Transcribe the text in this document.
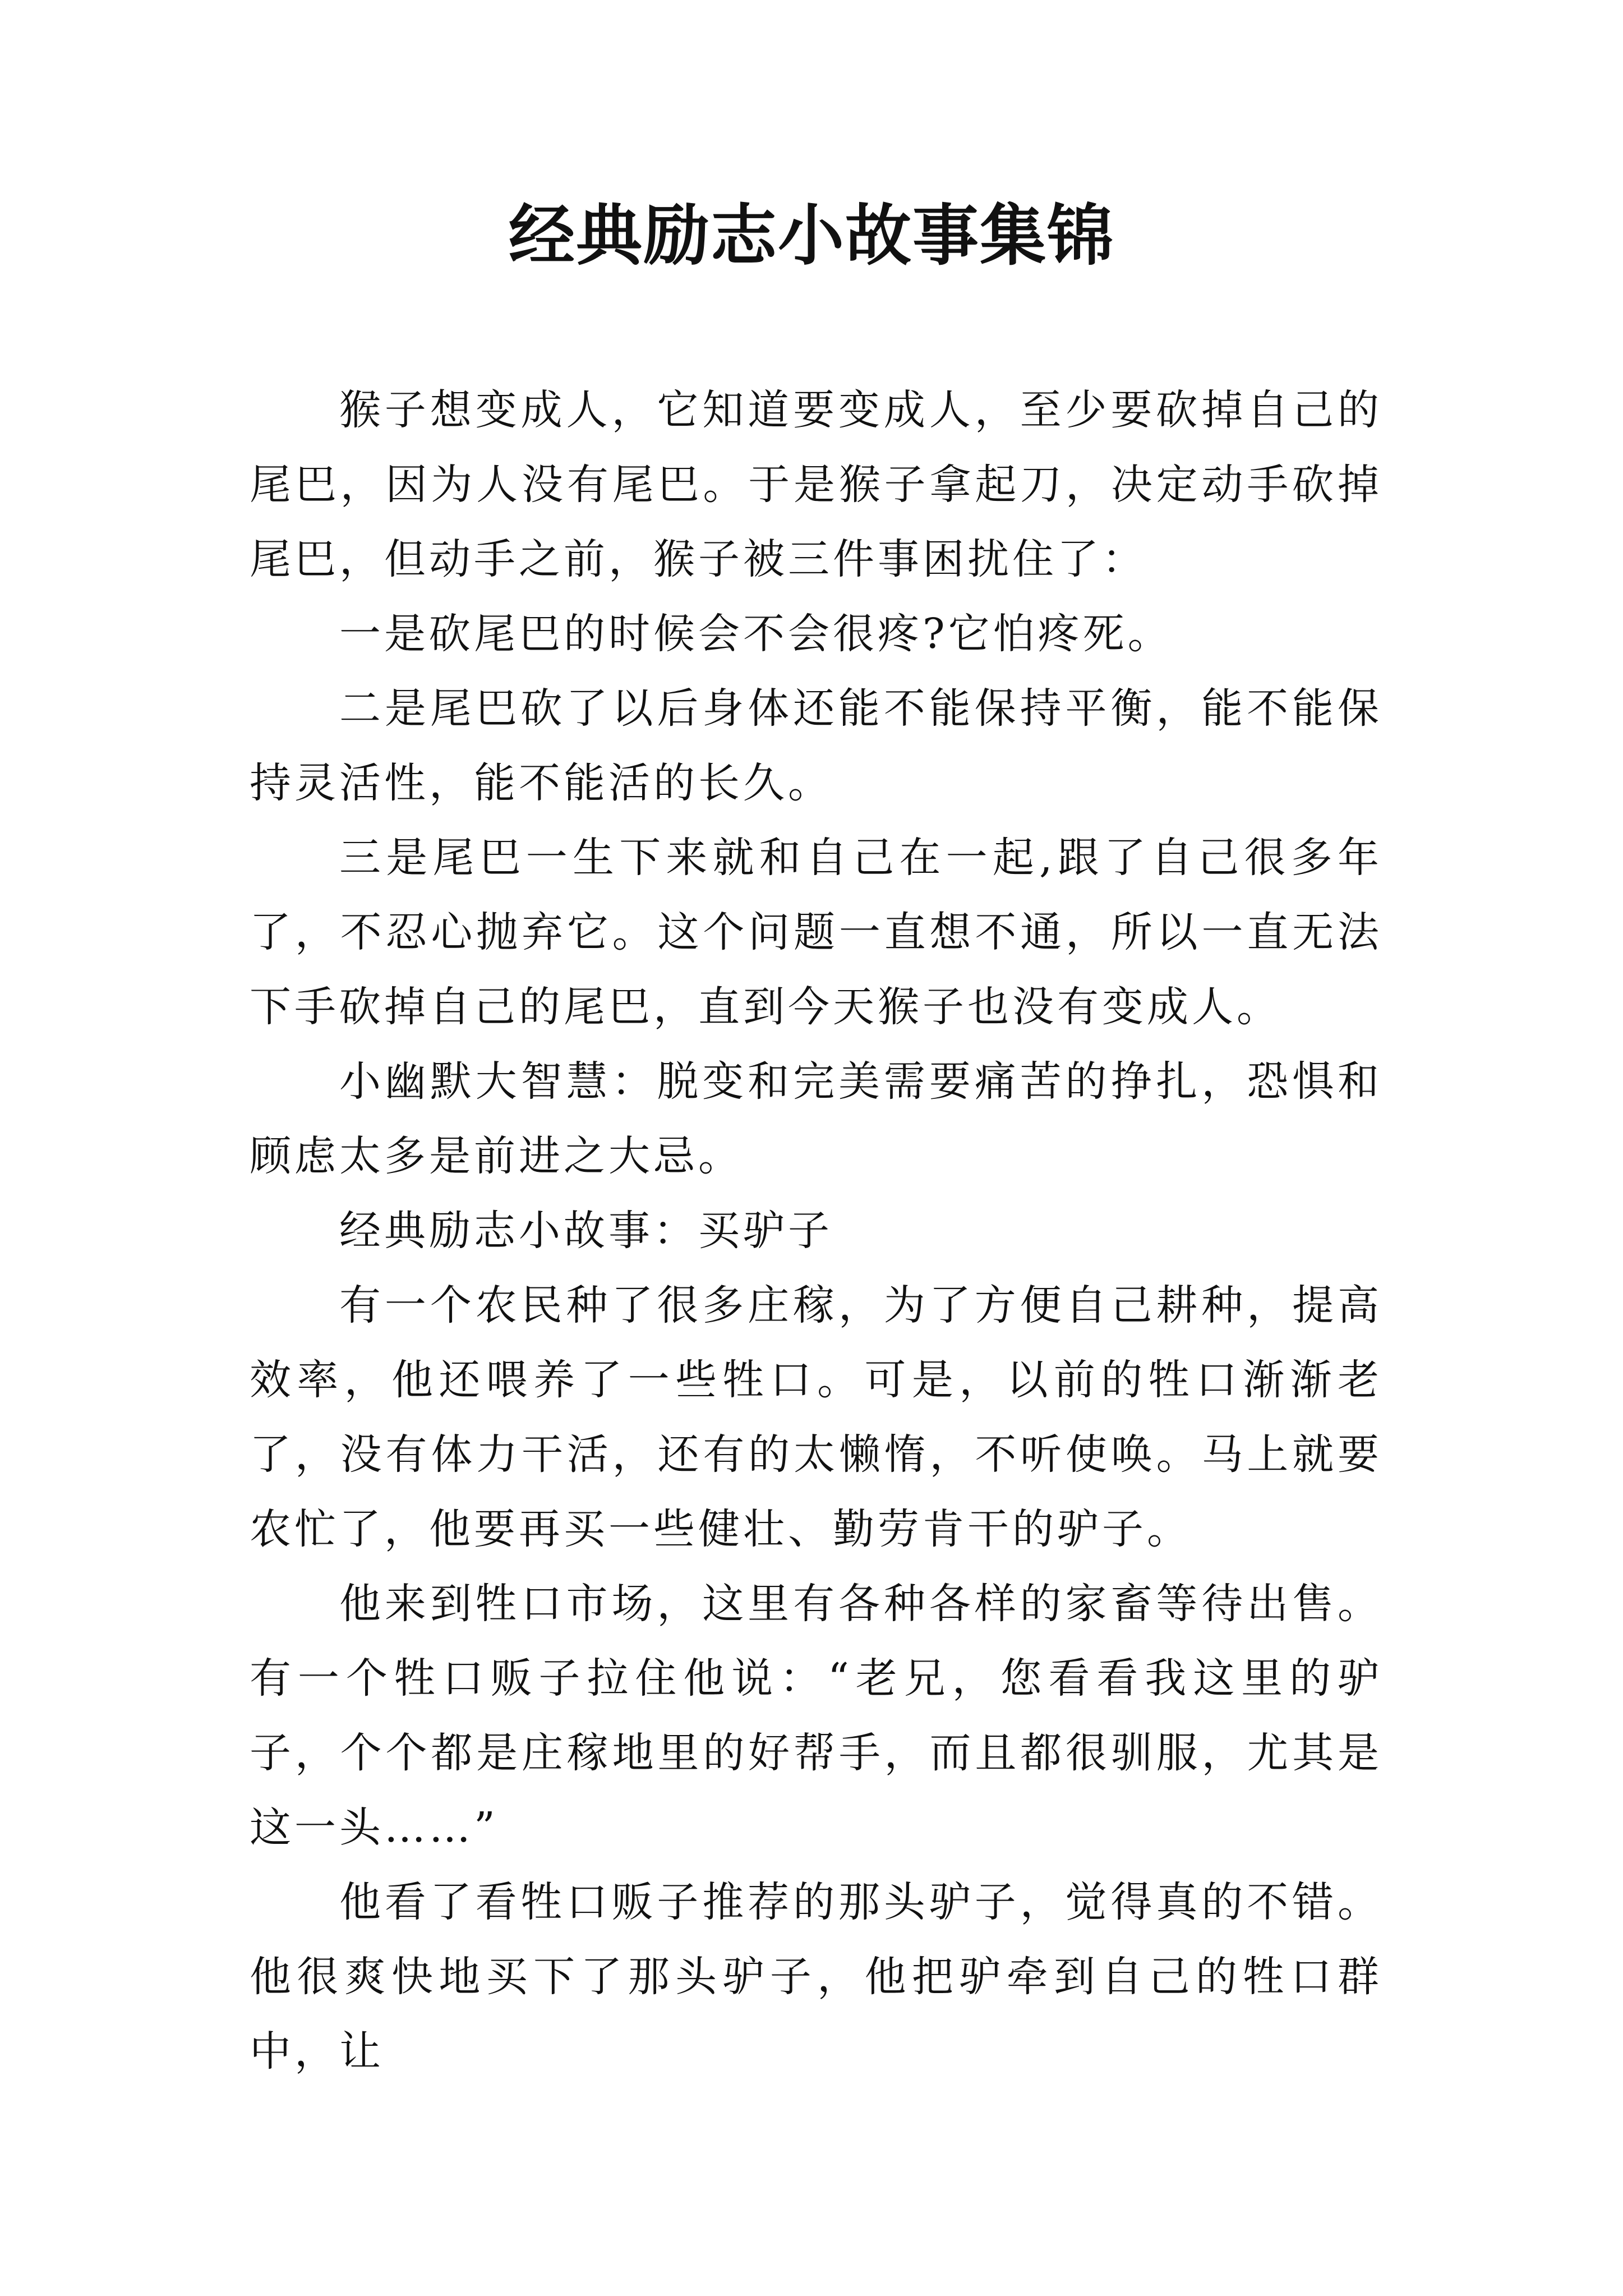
经典励志小故事集锦

猴子想变成人，它知道要变成人，至少要砍掉自己的尾巴，因为人没有尾巴。于是猴子拿起刀，决定动手砍掉尾巴，但动手之前，猴子被三件事困扰住了：

一是砍尾巴的时候会不会很疼?它怕疼死。

二是尾巴砍了以后身体还能不能保持平衡，能不能保持灵活性，能不能活的长久。

三是尾巴一生下来就和自己在一起,跟了自己很多年了，不忍心抛弃它。这个问题一直想不通，所以一直无法下手砍掉自己的尾巴，直到今天猴子也没有变成人。

小幽默大智慧：脱变和完美需要痛苦的挣扎，恐惧和顾虑太多是前进之大忌。

经典励志小故事：买驴子

有一个农民种了很多庄稼，为了方便自己耕种，提高效率，他还喂养了一些牲口。可是，以前的牲口渐渐老了，没有体力干活，还有的太懒惰，不听使唤。马上就要农忙了，他要再买一些健壮、勤劳肯干的驴子。

他来到牲口市场，这里有各种各样的家畜等待出售。有一个牲口贩子拉住他说：“老兄，您看看我这里的驴子，个个都是庄稼地里的好帮手，而且都很驯服，尤其是这一头……”

他看了看牲口贩子推荐的那头驴子，觉得真的不错。他很爽快地买下了那头驴子，他把驴牵到自己的牲口群中，让
